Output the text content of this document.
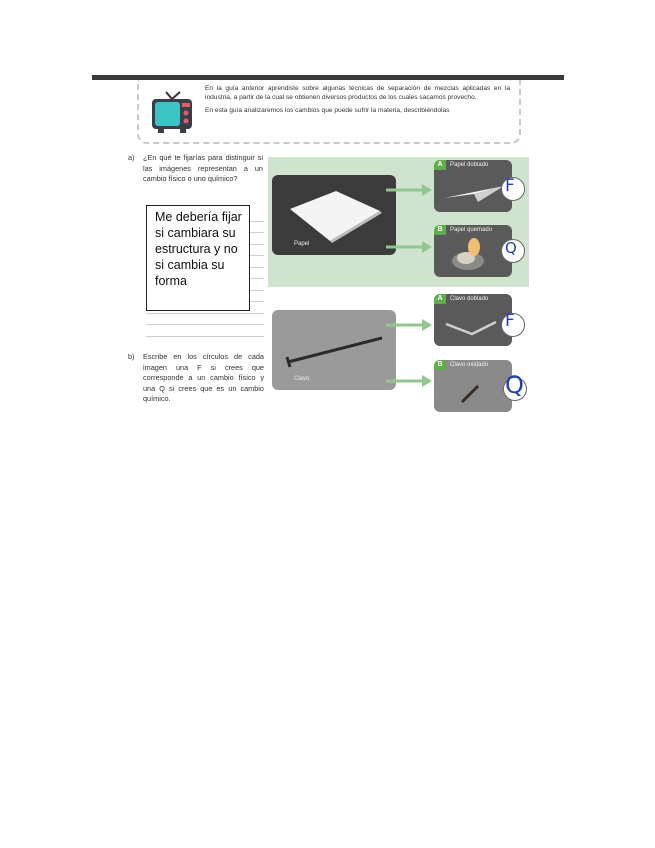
En la guía anterior aprendiste sobre algunas técnicas de separación de mezclas aplicadas en la industria, a partir de la cual se obtienen diversos productos de los cuales sacamos provecho.

En esta guía analizaremos los cambios que puede sufrir la materia, describiéndolas

a) ¿En qué te fijarías para distinguir si las imágenes representan a un cambio físico o uno químico?
Me debería fijar si cambiara su estructura y no si cambia su forma
b) Escribe en los círculos de cada imagen una F si crees que corresponde a un cambio físico y una Q si crees que es un cambio químico.
Papel
A	Papel doblado
F
B	Papel quemado
Q
Clavo
A	Clavo doblado
F
B	Clavo oxidado
Q
